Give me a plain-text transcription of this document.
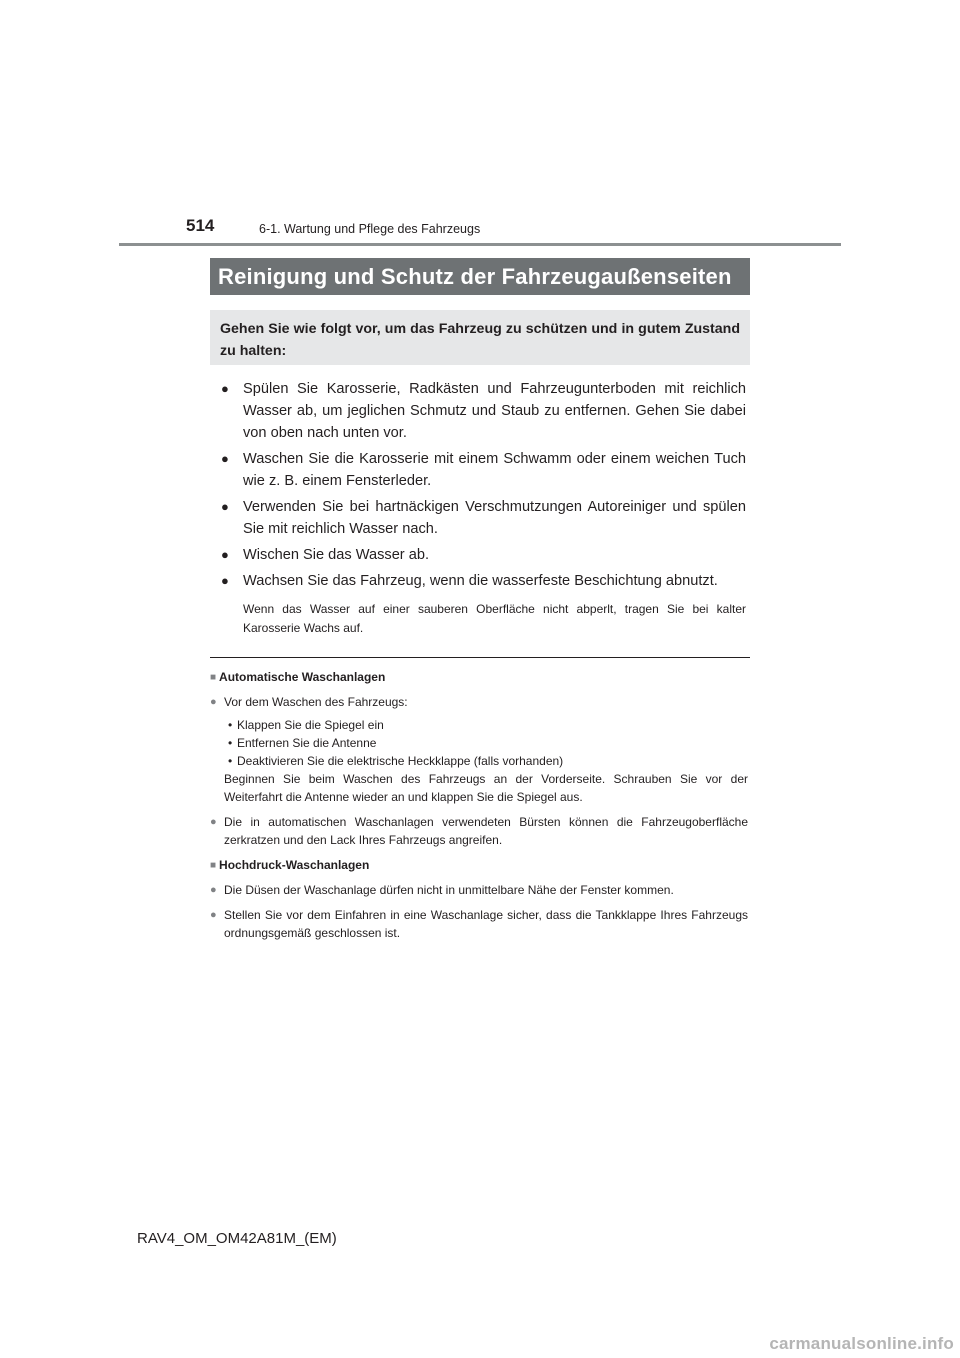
514	6-1. Wartung und Pflege des Fahrzeugs
Reinigung und Schutz der Fahrzeugaußenseiten
Gehen Sie wie folgt vor, um das Fahrzeug zu schützen und in gutem Zustand zu halten:
● Spülen Sie Karosserie, Radkästen und Fahrzeugunterboden mit reichlich Wasser ab, um jeglichen Schmutz und Staub zu entfernen. Gehen Sie dabei von oben nach unten vor.
● Waschen Sie die Karosserie mit einem Schwamm oder einem weichen Tuch wie z. B. einem Fensterleder.
● Verwenden Sie bei hartnäckigen Verschmutzungen Autoreiniger und spülen Sie mit reichlich Wasser nach.
● Wischen Sie das Wasser ab.
● Wachsen Sie das Fahrzeug, wenn die wasserfeste Beschichtung abnutzt.
Wenn das Wasser auf einer sauberen Oberfläche nicht abperlt, tragen Sie bei kalter Karosserie Wachs auf.
■ Automatische Waschanlagen
● Vor dem Waschen des Fahrzeugs:
• Klappen Sie die Spiegel ein
• Entfernen Sie die Antenne
• Deaktivieren Sie die elektrische Heckklappe (falls vorhanden)
Beginnen Sie beim Waschen des Fahrzeugs an der Vorderseite. Schrauben Sie vor der Weiterfahrt die Antenne wieder an und klappen Sie die Spiegel aus.
● Die in automatischen Waschanlagen verwendeten Bürsten können die Fahrzeugoberfläche zerkratzen und den Lack Ihres Fahrzeugs angreifen.
■ Hochdruck-Waschanlagen
● Die Düsen der Waschanlage dürfen nicht in unmittelbare Nähe der Fenster kommen.
● Stellen Sie vor dem Einfahren in eine Waschanlage sicher, dass die Tankklappe Ihres Fahrzeugs ordnungsgemäß geschlossen ist.
RAV4_OM_OM42A81M_(EM)
carmanualsonline.info
